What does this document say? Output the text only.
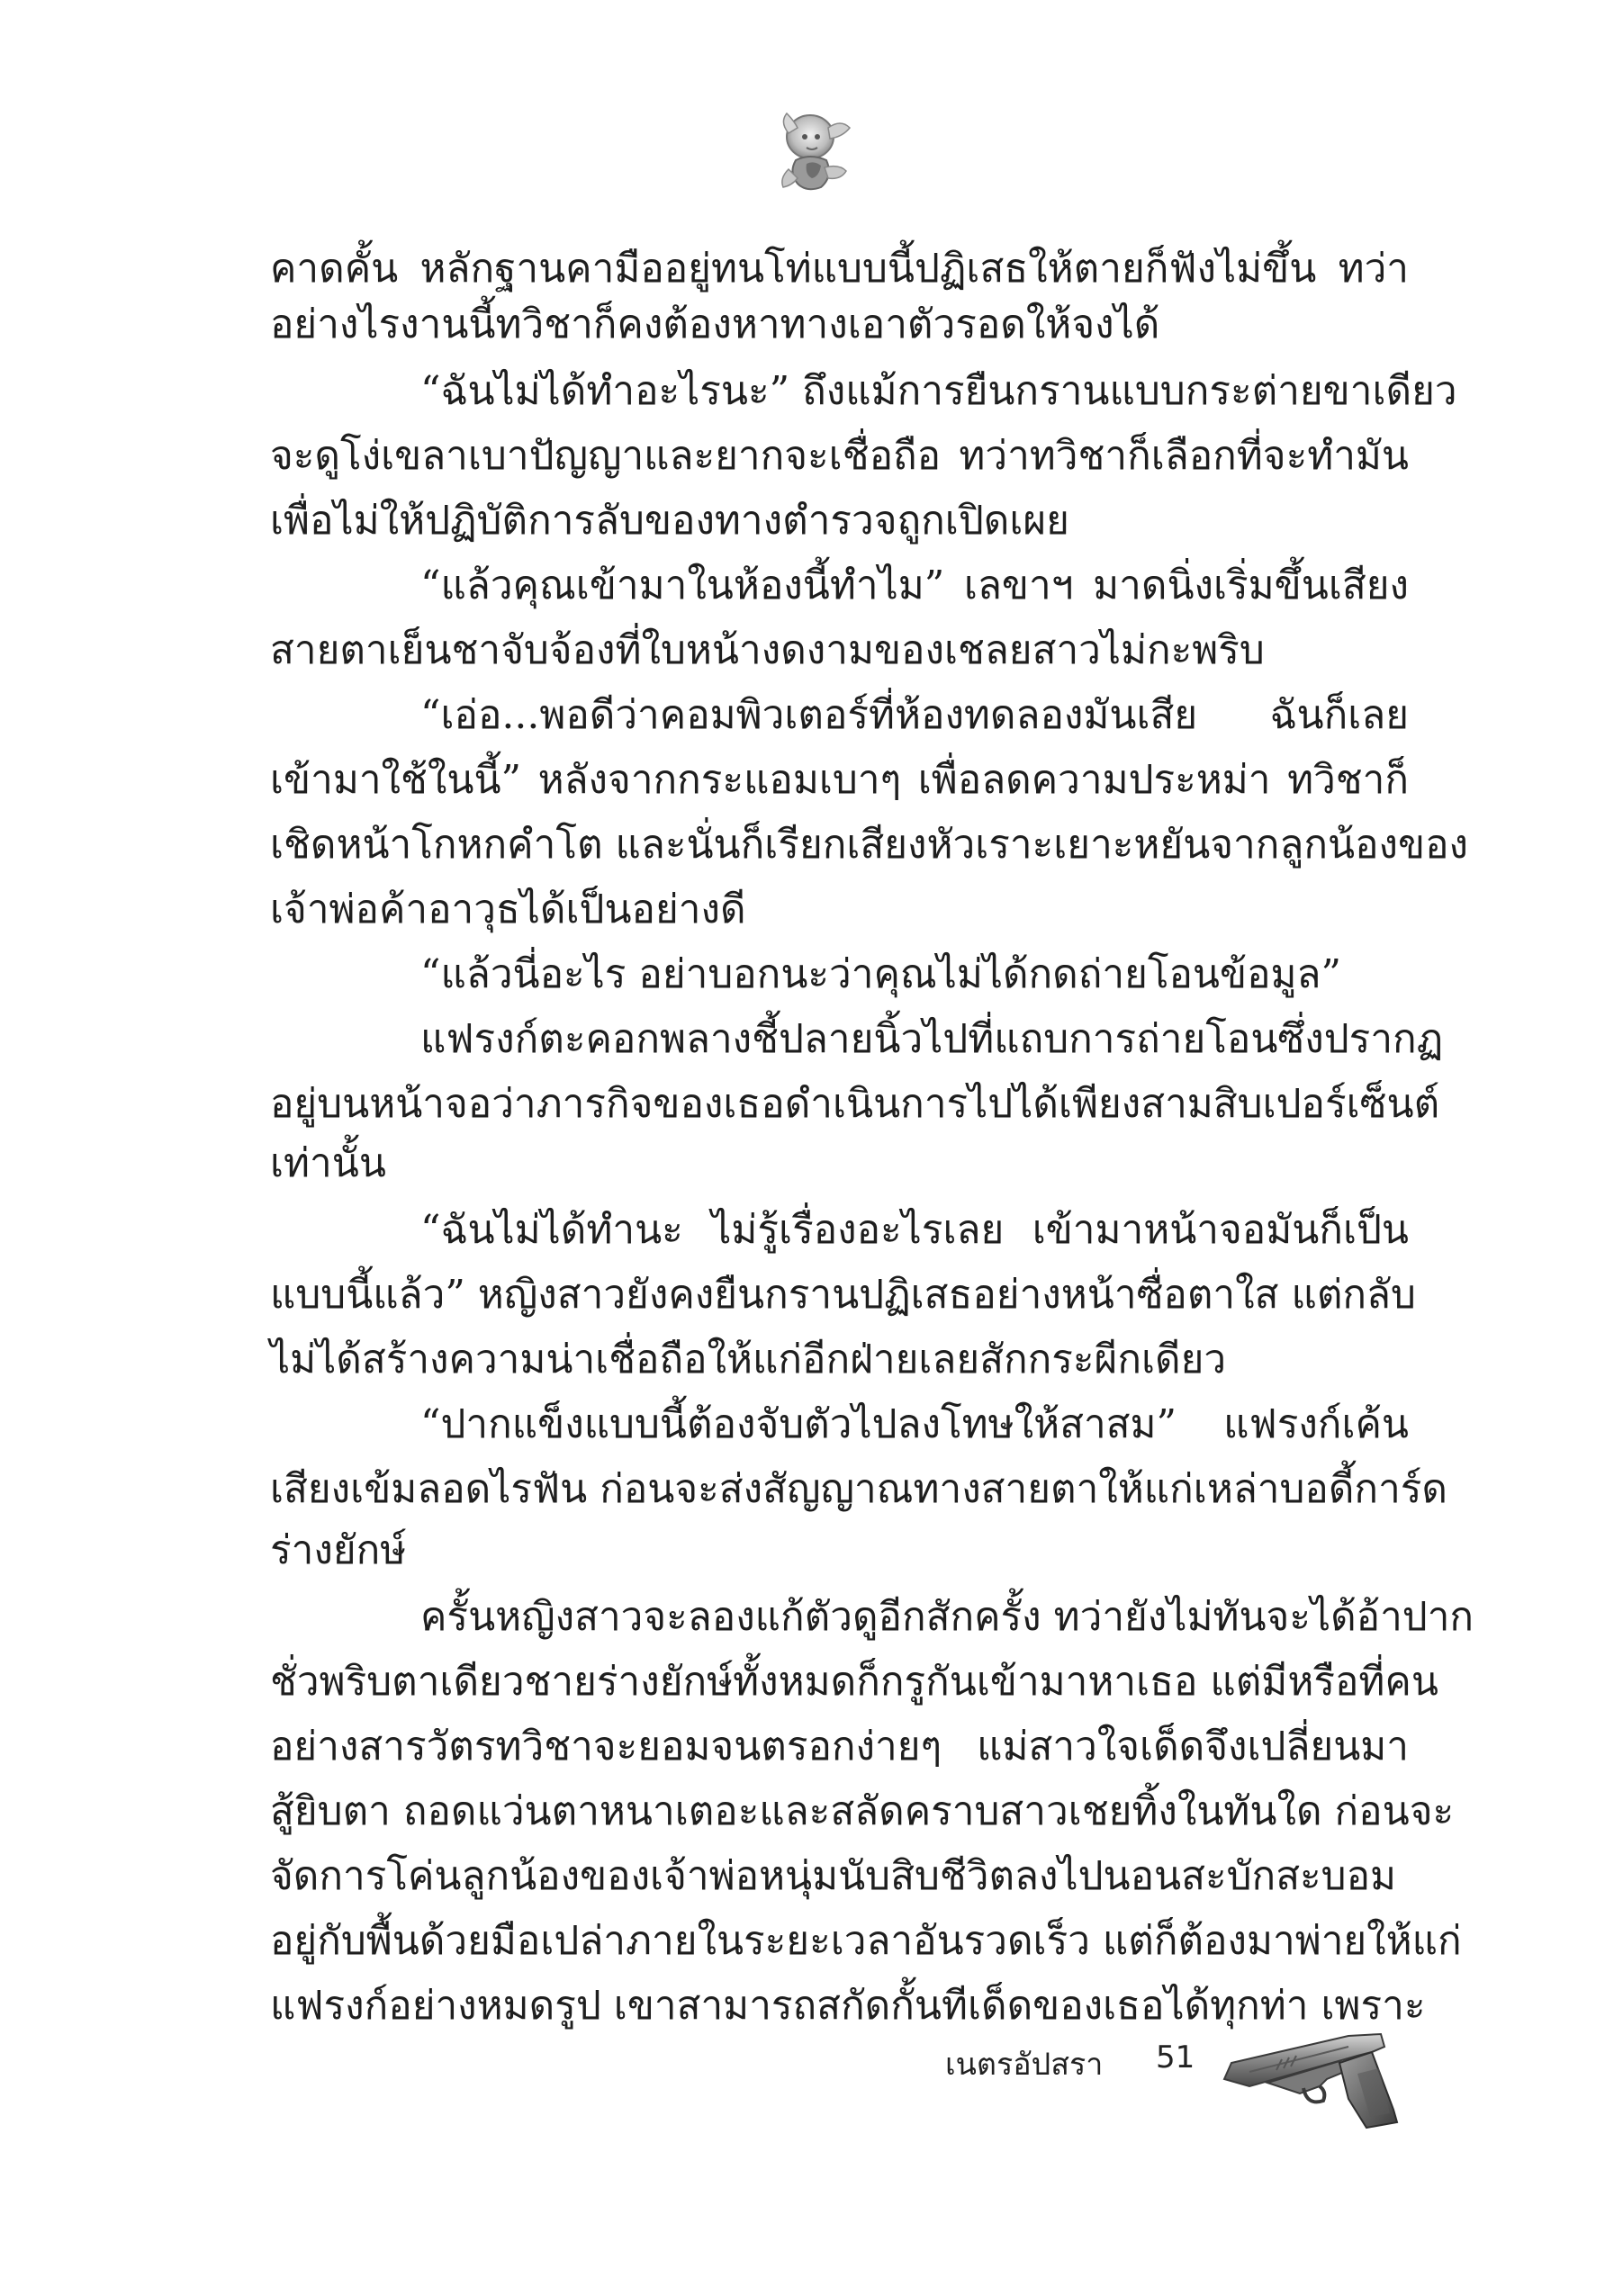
คาดคั้น หลักฐานคามืออยู่ทนโท่แบบนี้ปฏิเสธให้ตายก็ฟังไม่ขึ้น ทว่า
อย่างไรงานนี้ทวิชาก็คงต้องหาทางเอาตัวรอดให้จงได้
“ฉันไม่ได้ทำอะไรนะ” ถึงแม้การยืนกรานแบบกระต่ายขาเดียว
จะดูโง่เขลาเบาปัญญาและยากจะเชื่อถือ ทว่าทวิชาก็เลือกที่จะทำมัน
เพื่อไม่ให้ปฏิบัติการลับของทางตำรวจถูกเปิดเผย
“แล้วคุณเข้ามาในห้องนี้ทำไม” เลขาฯ มาดนิ่งเริ่มขึ้นเสียง
สายตาเย็นชาจับจ้องที่ใบหน้างดงามของเชลยสาวไม่กะพริบ
“เอ่อ...พอดีว่าคอมพิวเตอร์ที่ห้องทดลองมันเสีย ฉันก็เลย
เข้ามาใช้ในนี้” หลังจากกระแอมเบาๆ เพื่อลดความประหม่า ทวิชาก็
เชิดหน้าโกหกคำโต และนั่นก็เรียกเสียงหัวเราะเยาะหยันจากลูกน้องของ
เจ้าพ่อค้าอาวุธได้เป็นอย่างดี
“แล้วนี่อะไร อย่าบอกนะว่าคุณไม่ได้กดถ่ายโอนข้อมูล”
แฟรงก์ตะคอกพลางชี้ปลายนิ้วไปที่แถบการถ่ายโอนซึ่งปรากฏ
อยู่บนหน้าจอว่าภารกิจของเธอดำเนินการไปได้เพียงสามสิบเปอร์เซ็นต์
เท่านั้น
“ฉันไม่ได้ทำนะ ไม่รู้เรื่องอะไรเลย เข้ามาหน้าจอมันก็เป็น
แบบนี้แล้ว” หญิงสาวยังคงยืนกรานปฏิเสธอย่างหน้าซื่อตาใส แต่กลับ
ไม่ได้สร้างความน่าเชื่อถือให้แก่อีกฝ่ายเลยสักกระผีกเดียว
“ปากแข็งแบบนี้ต้องจับตัวไปลงโทษให้สาสม” แฟรงก์เค้น
เสียงเข้มลอดไรฟัน ก่อนจะส่งสัญญาณทางสายตาให้แก่เหล่าบอดี้การ์ด
ร่างยักษ์
ครั้นหญิงสาวจะลองแก้ตัวดูอีกสักครั้ง ทว่ายังไม่ทันจะได้อ้าปาก
ชั่วพริบตาเดียวชายร่างยักษ์ทั้งหมดก็กรูกันเข้ามาหาเธอ แต่มีหรือที่คน
อย่างสารวัตรทวิชาจะยอมจนตรอกง่ายๆ แม่สาวใจเด็ดจึงเปลี่ยนมา
สู้ยิบตา ถอดแว่นตาหนาเตอะและสลัดคราบสาวเชยทิ้งในทันใด ก่อนจะ
จัดการโค่นลูกน้องของเจ้าพ่อหนุ่มนับสิบชีวิตลงไปนอนสะบักสะบอม
อยู่กับพื้นด้วยมือเปล่าภายในระยะเวลาอันรวดเร็ว แต่ก็ต้องมาพ่ายให้แก่
แฟรงก์อย่างหมดรูป เขาสามารถสกัดกั้นทีเด็ดของเธอได้ทุกท่า เพราะ
เนตรอัปสรา 51
